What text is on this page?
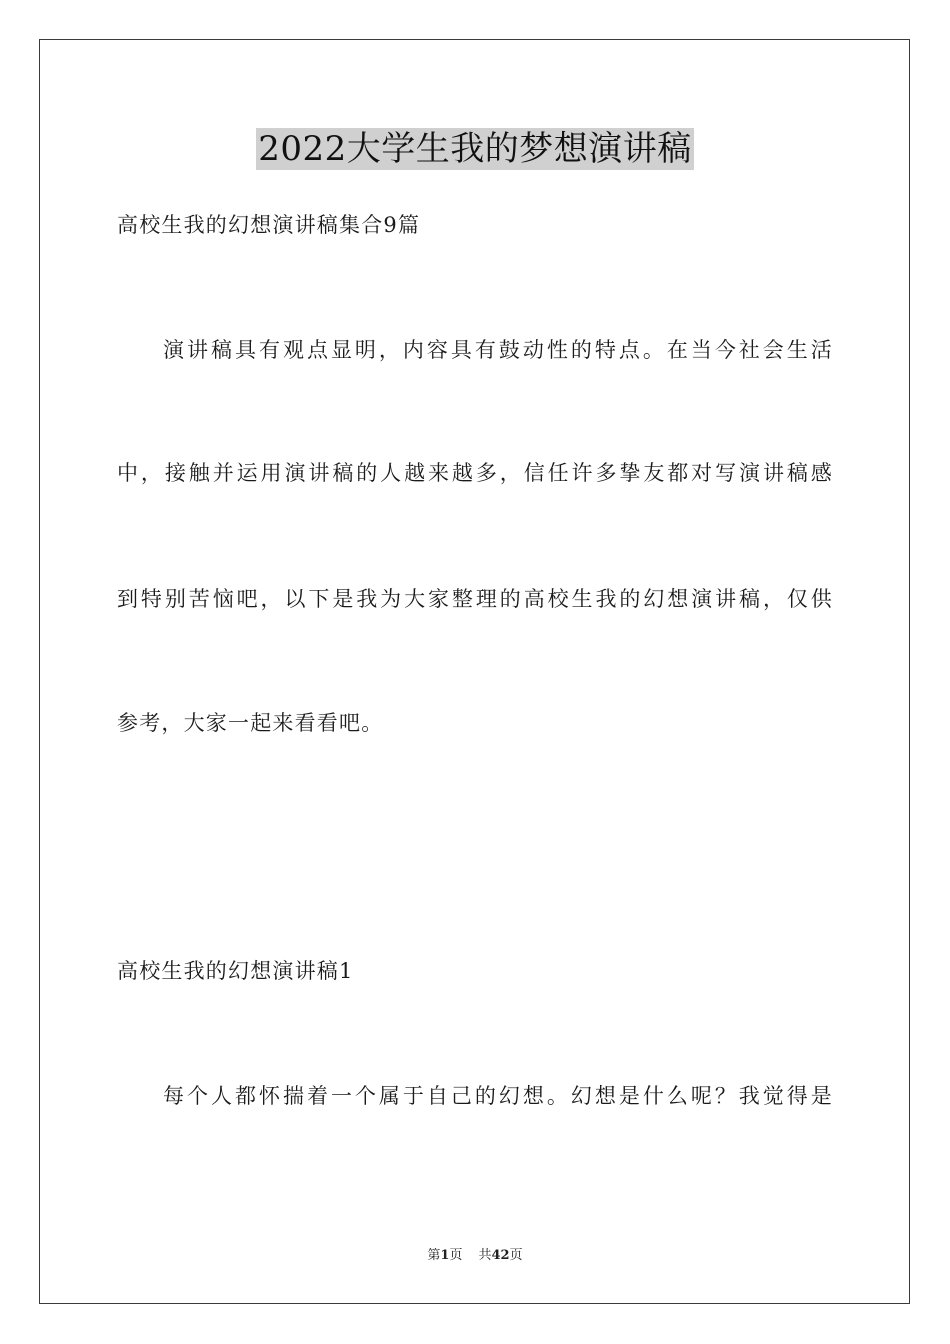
2022大学生我的梦想演讲稿
高校生我的幻想演讲稿集合9篇
演讲稿具有观点显明，内容具有鼓动性的特点。在当今社会生活
中，接触并运用演讲稿的人越来越多，信任许多挚友都对写演讲稿感
到特别苦恼吧，以下是我为大家整理的高校生我的幻想演讲稿，仅供
参考，大家一起来看看吧。
高校生我的幻想演讲稿1
每个人都怀揣着一个属于自己的幻想。幻想是什么呢？我觉得是
第1页 共42页
